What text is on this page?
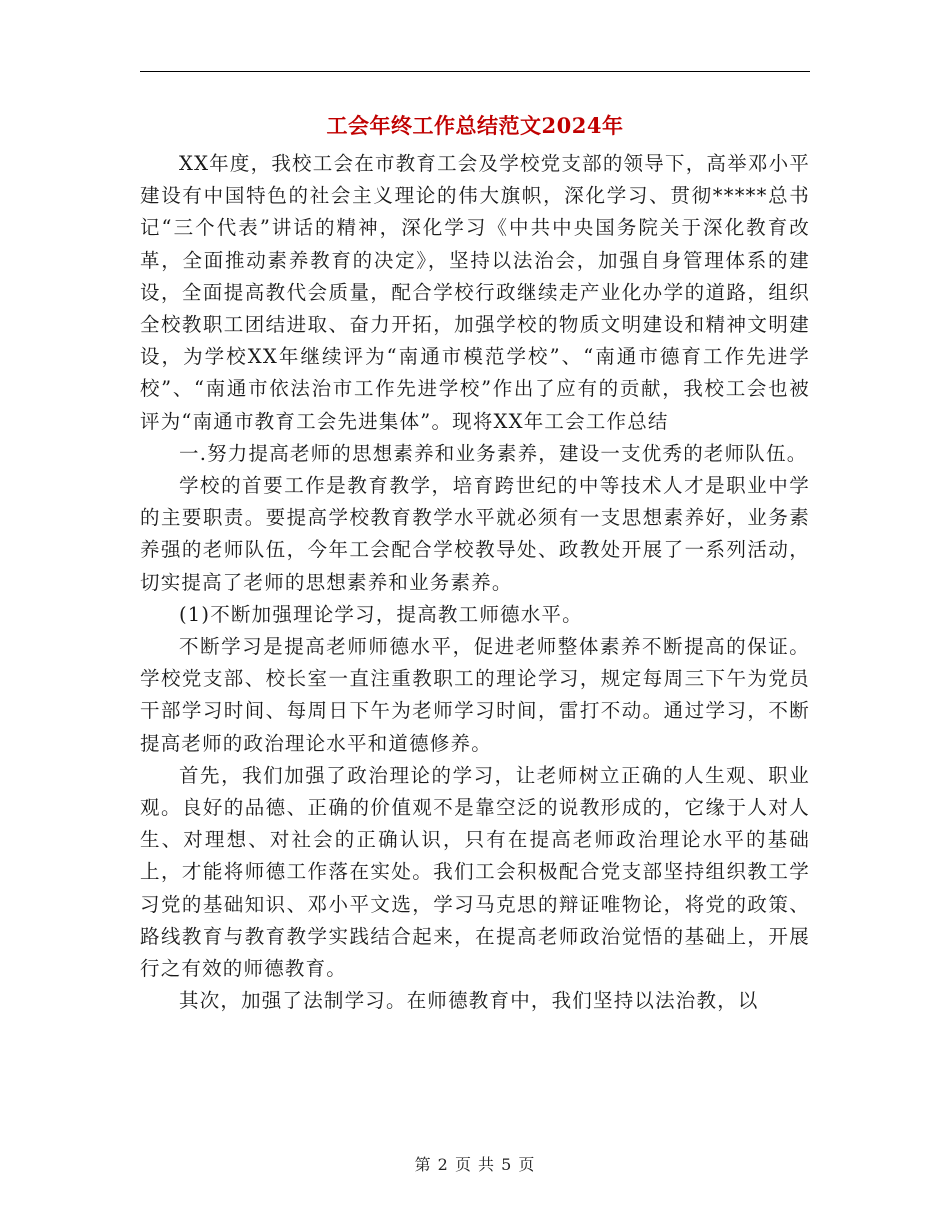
工会年终工作总结范文2024年

XX年度，我校工会在市教育工会及学校党支部的领导下，高举邓小平建设有中国特色的社会主义理论的伟大旗帜，深化学习、贯彻*****总书记“三个代表”讲话的精神，深化学习《中共中央国务院关于深化教育改革，全面推动素养教育的决定》，坚持以法治会，加强自身管理体系的建设，全面提高教代会质量，配合学校行政继续走产业化办学的道路，组织全校教职工团结进取、奋力开拓，加强学校的物质文明建设和精神文明建设，为学校XX年继续评为“南通市模范学校”、“南通市德育工作先进学校”、“南通市依法治市工作先进学校”作出了应有的贡献，我校工会也被评为“南通市教育工会先进集体”。现将XX年工会工作总结

一.努力提高老师的思想素养和业务素养，建设一支优秀的老师队伍。

学校的首要工作是教育教学，培育跨世纪的中等技术人才是职业中学的主要职责。要提高学校教育教学水平就必须有一支思想素养好，业务素养强的老师队伍，今年工会配合学校教导处、政教处开展了一系列活动，切实提高了老师的思想素养和业务素养。

(1)不断加强理论学习，提高教工师德水平。

不断学习是提高老师师德水平，促进老师整体素养不断提高的保证。学校党支部、校长室一直注重教职工的理论学习，规定每周三下午为党员干部学习时间、每周日下午为老师学习时间，雷打不动。通过学习，不断提高老师的政治理论水平和道德修养。

首先，我们加强了政治理论的学习，让老师树立正确的人生观、职业观。良好的品德、正确的价值观不是靠空泛的说教形成的，它缘于人对人生、对理想、对社会的正确认识，只有在提高老师政治理论水平的基础上，才能将师德工作落在实处。我们工会积极配合党支部坚持组织教工学习党的基础知识、邓小平文选，学习马克思的辩证唯物论，将党的政策、路线教育与教育教学实践结合起来，在提高老师政治觉悟的基础上，开展行之有效的师德教育。

其次，加强了法制学习。在师德教育中，我们坚持以法治教，以

第 2 页 共 5 页
